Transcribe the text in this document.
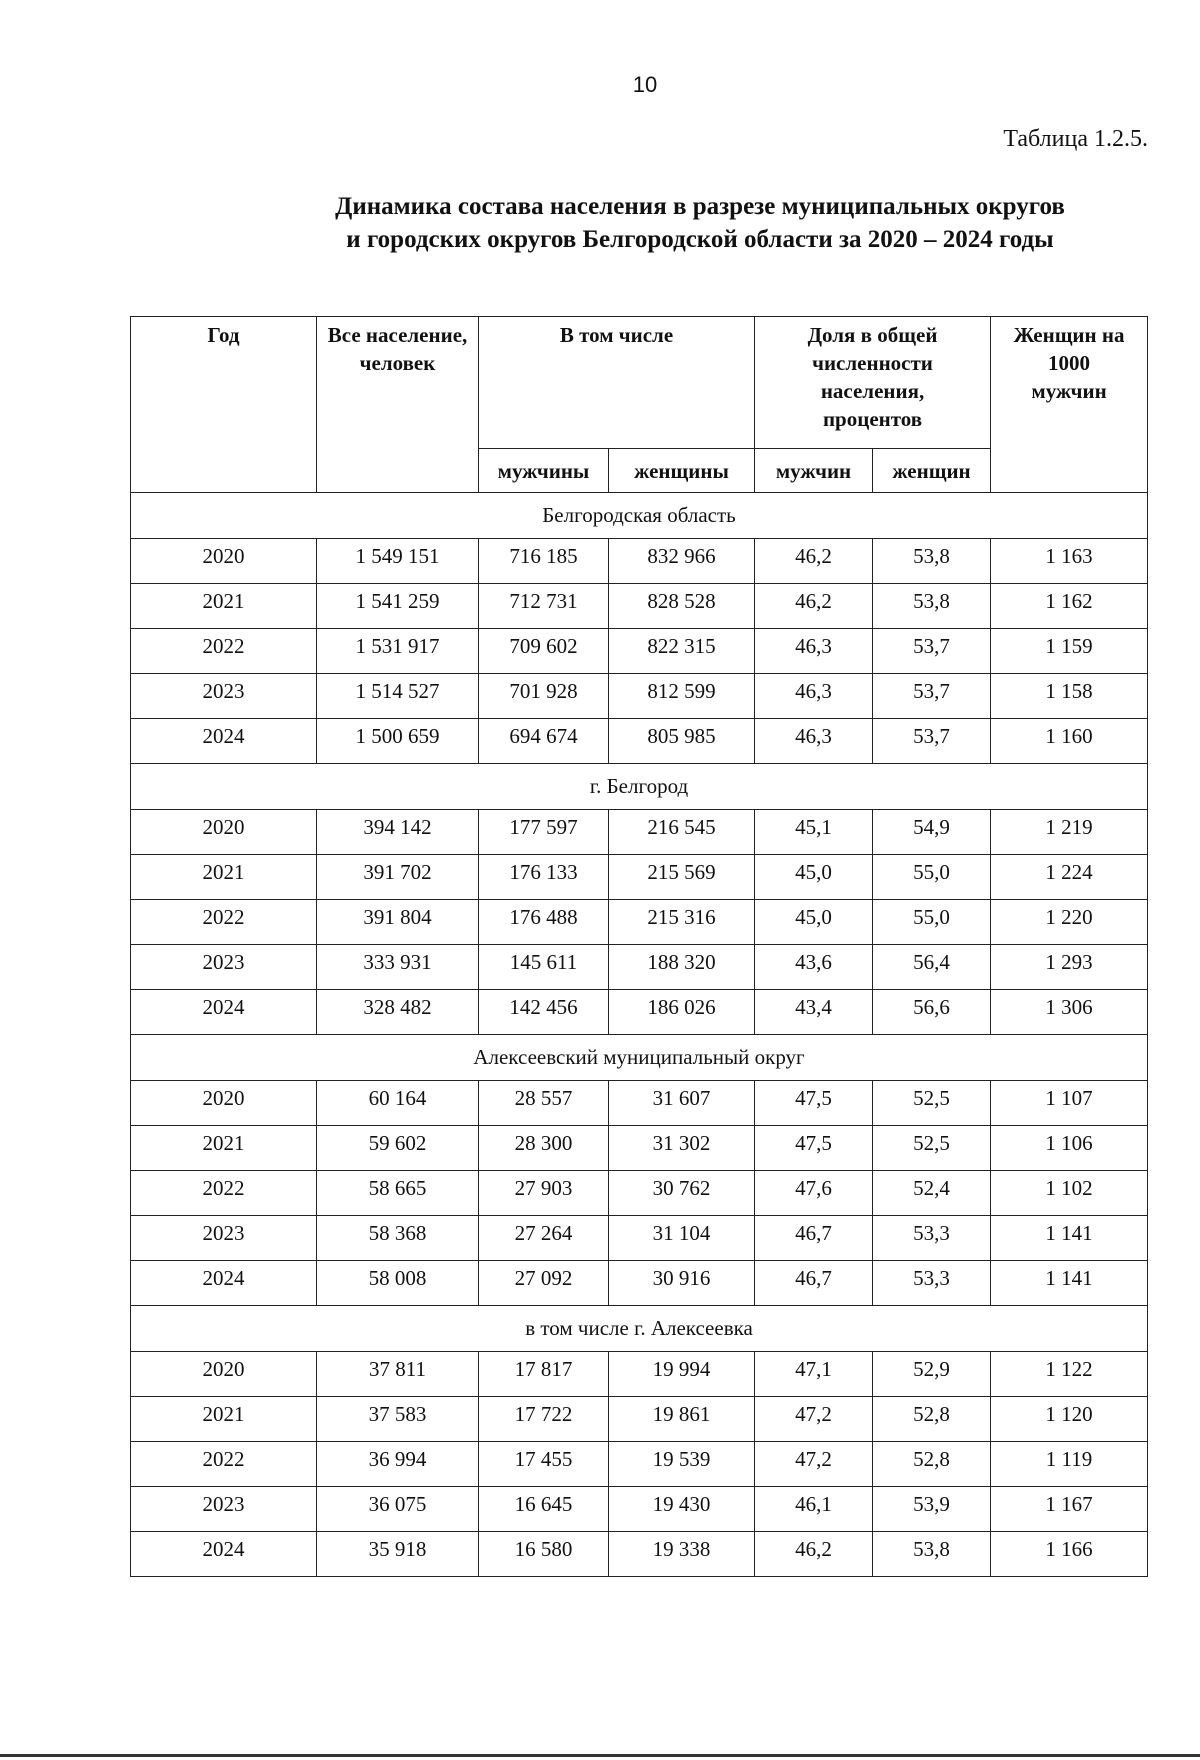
10
Таблица 1.2.5.
Динамика состава населения в разрезе муниципальных округов
и городских округов Белгородской области за 2020 – 2024 годы
Год	Все население, человек	В том числе		Доля в общей численности населения, процентов		Женщин на 1000 мужчин
		мужчины	женщины	мужчин	женщин	
Белгородская область						
2020	1 549 151	716 185	832 966	46,2	53,8	1 163
2021	1 541 259	712 731	828 528	46,2	53,8	1 162
2022	1 531 917	709 602	822 315	46,3	53,7	1 159
2023	1 514 527	701 928	812 599	46,3	53,7	1 158
2024	1 500 659	694 674	805 985	46,3	53,7	1 160
г. Белгород						
2020	394 142	177 597	216 545	45,1	54,9	1 219
2021	391 702	176 133	215 569	45,0	55,0	1 224
2022	391 804	176 488	215 316	45,0	55,0	1 220
2023	333 931	145 611	188 320	43,6	56,4	1 293
2024	328 482	142 456	186 026	43,4	56,6	1 306
Алексеевский муниципальный округ						
2020	60 164	28 557	31 607	47,5	52,5	1 107
2021	59 602	28 300	31 302	47,5	52,5	1 106
2022	58 665	27 903	30 762	47,6	52,4	1 102
2023	58 368	27 264	31 104	46,7	53,3	1 141
2024	58 008	27 092	30 916	46,7	53,3	1 141
в том числе г. Алексеевка						
2020	37 811	17 817	19 994	47,1	52,9	1 122
2021	37 583	17 722	19 861	47,2	52,8	1 120
2022	36 994	17 455	19 539	47,2	52,8	1 119
2023	36 075	16 645	19 430	46,1	53,9	1 167
2024	35 918	16 580	19 338	46,2	53,8	1 166
